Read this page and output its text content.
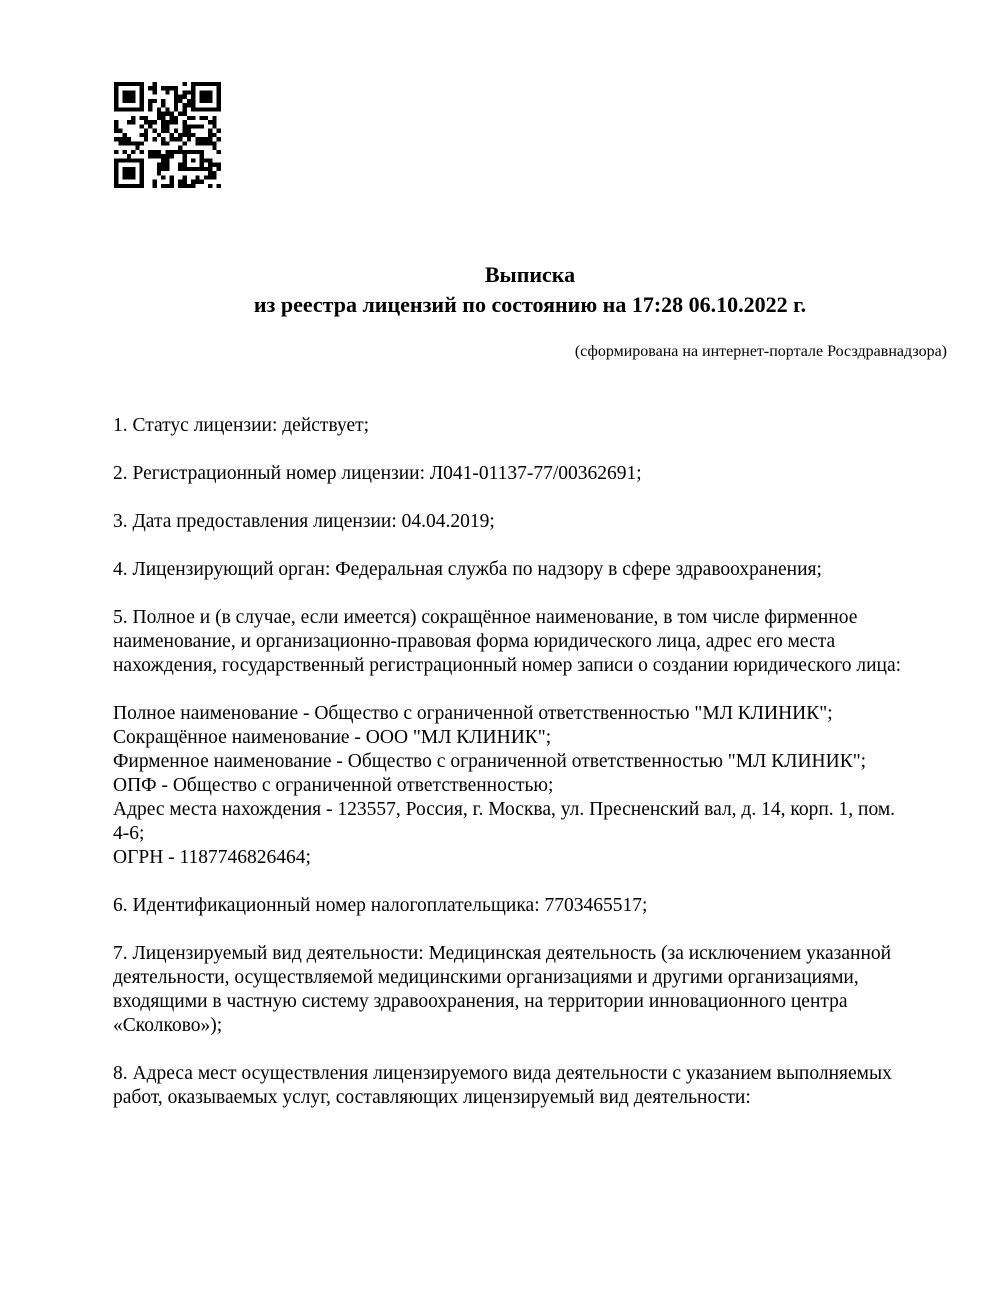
Выписка
из реестра лицензий по состоянию на 17:28 06.10.2022 г.
(сформирована на интернет-портале Росздравнадзора)

1. Статус лицензии: действует;

2. Регистрационный номер лицензии: Л041-01137-77/00362691;

3. Дата предоставления лицензии: 04.04.2019;

4. Лицензирующий орган: Федеральная служба по надзору в сфере здравоохранения;

5. Полное и (в случае, если имеется) сокращённое наименование, в том числе фирменное наименование, и организационно-правовая форма юридического лица, адрес его места нахождения, государственный регистрационный номер записи о создании юридического лица:

Полное наименование - Общество с ограниченной ответственностью "МЛ КЛИНИК";
Сокращённое наименование - ООО "МЛ КЛИНИК";
Фирменное наименование - Общество с ограниченной ответственностью "МЛ КЛИНИК";
ОПФ - Общество с ограниченной ответственностью;
Адрес места нахождения - 123557, Россия, г. Москва, ул. Пресненский вал, д. 14, корп. 1, пом. 4-6;
ОГРН - 1187746826464;

6. Идентификационный номер налогоплательщика: 7703465517;

7. Лицензируемый вид деятельности: Медицинская деятельность (за исключением указанной деятельности, осуществляемой медицинскими организациями и другими организациями, входящими в частную систему здравоохранения, на территории инновационного центра «Сколково»);

8. Адреса мест осуществления лицензируемого вида деятельности с указанием выполняемых работ, оказываемых услуг, составляющих лицензируемый вид деятельности:
